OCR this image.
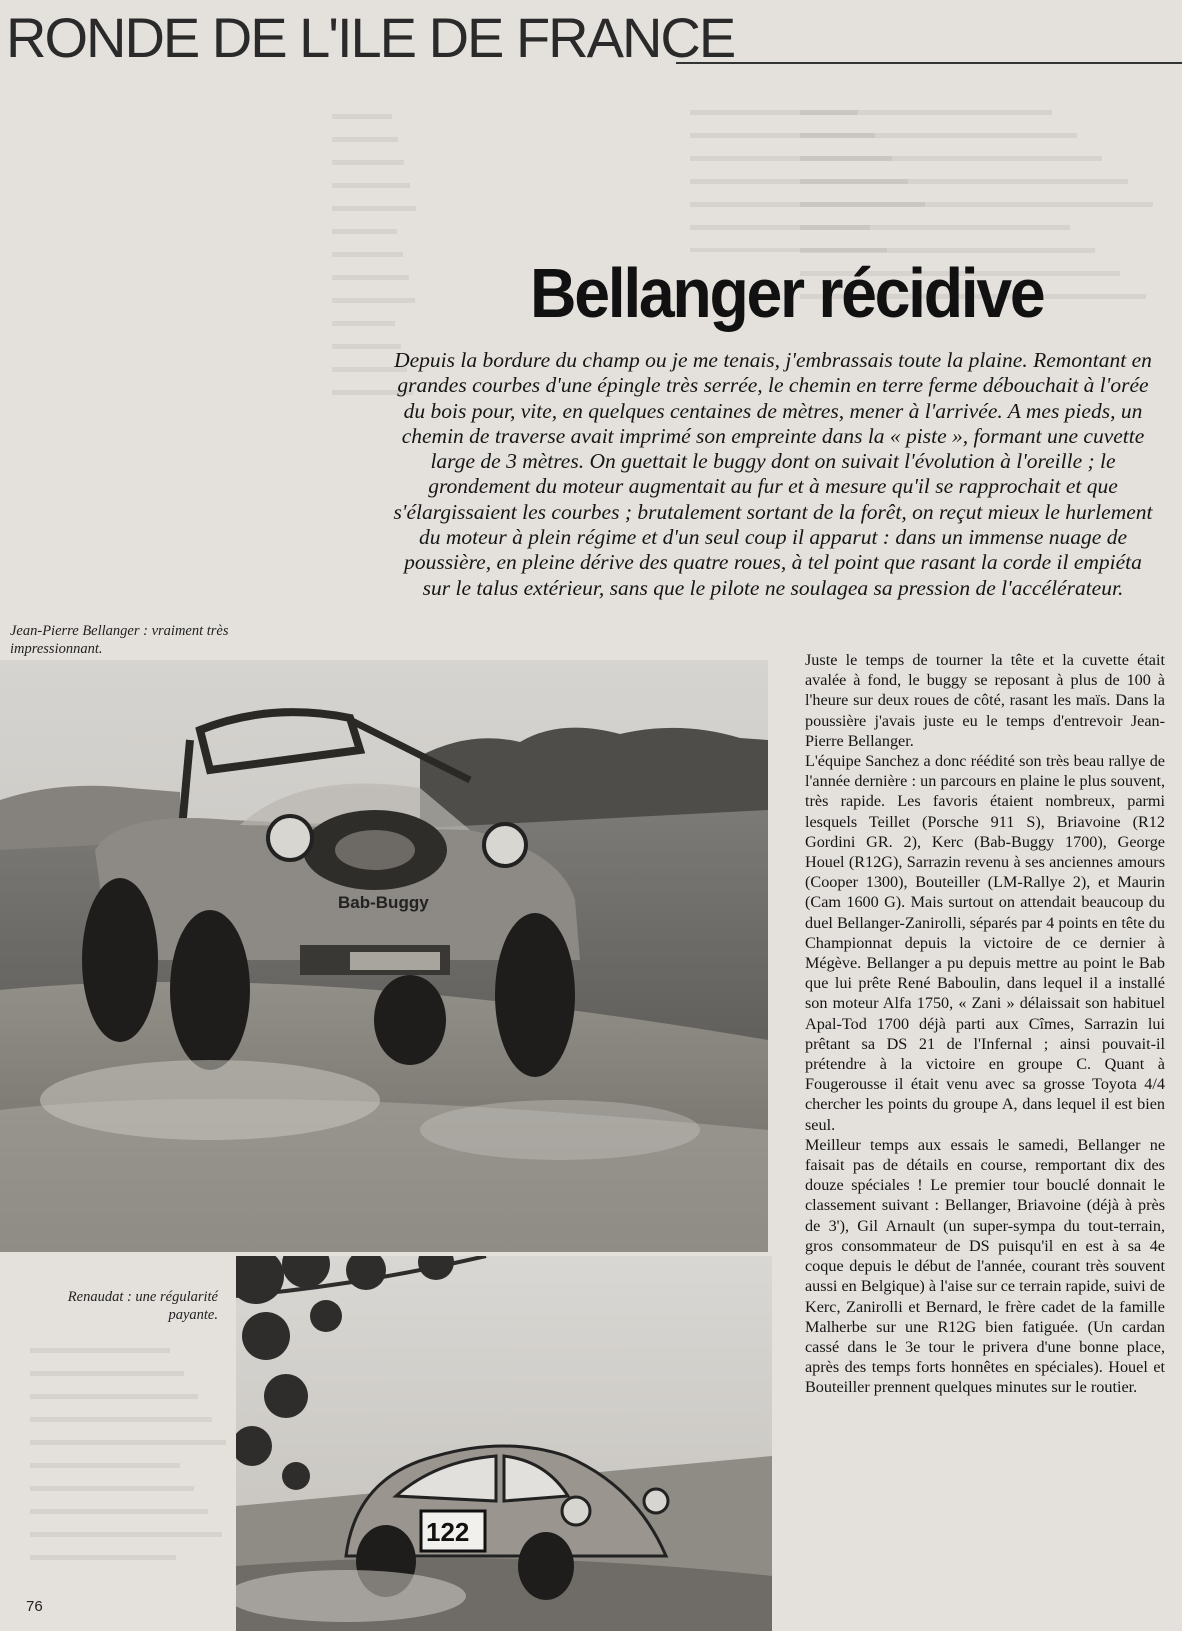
RONDE DE L'ILE DE FRANCE
Bellanger récidive

Depuis la bordure du champ ou je me tenais, j'embrassais toute la plaine. Remontant en grandes courbes d'une épingle très serrée, le chemin en terre ferme débouchait à l'orée du bois pour, vite, en quelques centaines de mètres, mener à l'arrivée. A mes pieds, un chemin de traverse avait imprimé son empreinte dans la « piste », formant une cuvette large de 3 mètres. On guettait le buggy dont on suivait l'évolution à l'oreille ; le grondement du moteur augmentait au fur et à mesure qu'il se rapprochait et que s'élargissaient les courbes ; brutalement sortant de la forêt, on reçut mieux le hurlement du moteur à plein régime et d'un seul coup il apparut : dans un immense nuage de poussière, en pleine dérive des quatre roues, à tel point que rasant la corde il empiéta sur le talus extérieur, sans que le pilote ne soulagea sa pression de l'accélérateur.

Jean-Pierre Bellanger : vraiment très impressionnant.

Bab-Buggy

Renaudat : une régularité payante.

122

Juste le temps de tourner la tête et la cuvette était avalée à fond, le buggy se reposant à plus de 100 à l'heure sur deux roues de côté, rasant les maïs. Dans la poussière j'avais juste eu le temps d'entrevoir Jean-Pierre Bellanger.

L'équipe Sanchez a donc réédité son très beau rallye de l'année dernière : un parcours en plaine le plus souvent, très rapide. Les favoris étaient nombreux, parmi lesquels Teillet (Porsche 911 S), Briavoine (R12 Gordini GR. 2), Kerc (Bab-Buggy 1700), George Houel (R12G), Sarrazin revenu à ses anciennes amours (Cooper 1300), Bouteiller (LM-Rallye 2), et Maurin (Cam 1600 G). Mais surtout on attendait beaucoup du duel Bellanger-Zanirolli, séparés par 4 points en tête du Championnat depuis la victoire de ce dernier à Mégève. Bellanger a pu depuis mettre au point le Bab que lui prête René Baboulin, dans lequel il a installé son moteur Alfa 1750, « Zani » délaissait son habituel Apal-Tod 1700 déjà parti aux Cîmes, Sarrazin lui prêtant sa DS 21 de l'Infernal ; ainsi pouvait-il prétendre à la victoire en groupe C. Quant à Fougerousse il était venu avec sa grosse Toyota 4/4 chercher les points du groupe A, dans lequel il est bien seul.

Meilleur temps aux essais le samedi, Bellanger ne faisait pas de détails en course, remportant dix des douze spéciales ! Le premier tour bouclé donnait le classement suivant : Bellanger, Briavoine (déjà à près de 3'), Gil Arnault (un super-sympa du tout-terrain, gros consommateur de DS puisqu'il en est à sa 4e coque depuis le début de l'année, courant très souvent aussi en Belgique) à l'aise sur ce terrain rapide, suivi de Kerc, Zanirolli et Bernard, le frère cadet de la famille Malherbe sur une R12G bien fatiguée. (Un cardan cassé dans le 3e tour le privera d'une bonne place, après des temps forts honnêtes en spéciales). Houel et Bouteiller prennent quelques minutes sur le routier.

76
